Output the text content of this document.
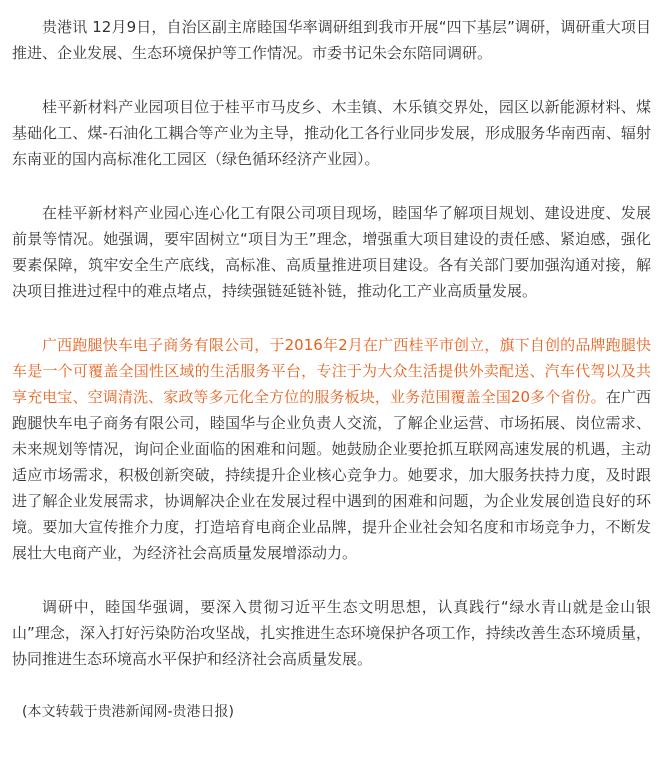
贵港讯 12月9日，自治区副主席睦国华率调研组到我市开展“四下基层”调研，调研重大项目推进、企业发展、生态环境保护等工作情况。市委书记朱会东陪同调研。

桂平新材料产业园项目位于桂平市马皮乡、木圭镇、木乐镇交界处，园区以新能源材料、煤基础化工、煤-石油化工耦合等产业为主导，推动化工各行业同步发展，形成服务华南西南、辐射东南亚的国内高标准化工园区（绿色循环经济产业园）。

在桂平新材料产业园心连心化工有限公司项目现场，睦国华了解项目规划、建设进度、发展前景等情况。她强调，要牢固树立“项目为王”理念，增强重大项目建设的责任感、紧迫感，强化要素保障，筑牢安全生产底线，高标准、高质量推进项目建设。各有关部门要加强沟通对接，解决项目推进过程中的难点堵点，持续强链延链补链，推动化工产业高质量发展。

广西跑腿快车电子商务有限公司，于2016年2月在广西桂平市创立，旗下自创的品牌跑腿快车是一个可覆盖全国性区域的生活服务平台，专注于为大众生活提供外卖配送、汽车代驾以及共享充电宝、空调清洗、家政等多元化全方位的服务板块，业务范围覆盖全国20多个省份。在广西跑腿快车电子商务有限公司，睦国华与企业负责人交流，了解企业运营、市场拓展、岗位需求、未来规划等情况，询问企业面临的困难和问题。她鼓励企业要抢抓互联网高速发展的机遇，主动适应市场需求，积极创新突破，持续提升企业核心竞争力。她要求，加大服务扶持力度，及时跟进了解企业发展需求，协调解决企业在发展过程中遇到的困难和问题，为企业发展创造良好的环境。要加大宣传推介力度，打造培育电商企业品牌，提升企业社会知名度和市场竞争力，不断发展壮大电商产业，为经济社会高质量发展增添动力。

调研中，睦国华强调，要深入贯彻习近平生态文明思想，认真践行“绿水青山就是金山银山”理念，深入打好污染防治攻坚战，扎实推进生态环境保护各项工作，持续改善生态环境质量，协同推进生态环境高水平保护和经济社会高质量发展。

(本文转载于贵港新闻网-贵港日报)
